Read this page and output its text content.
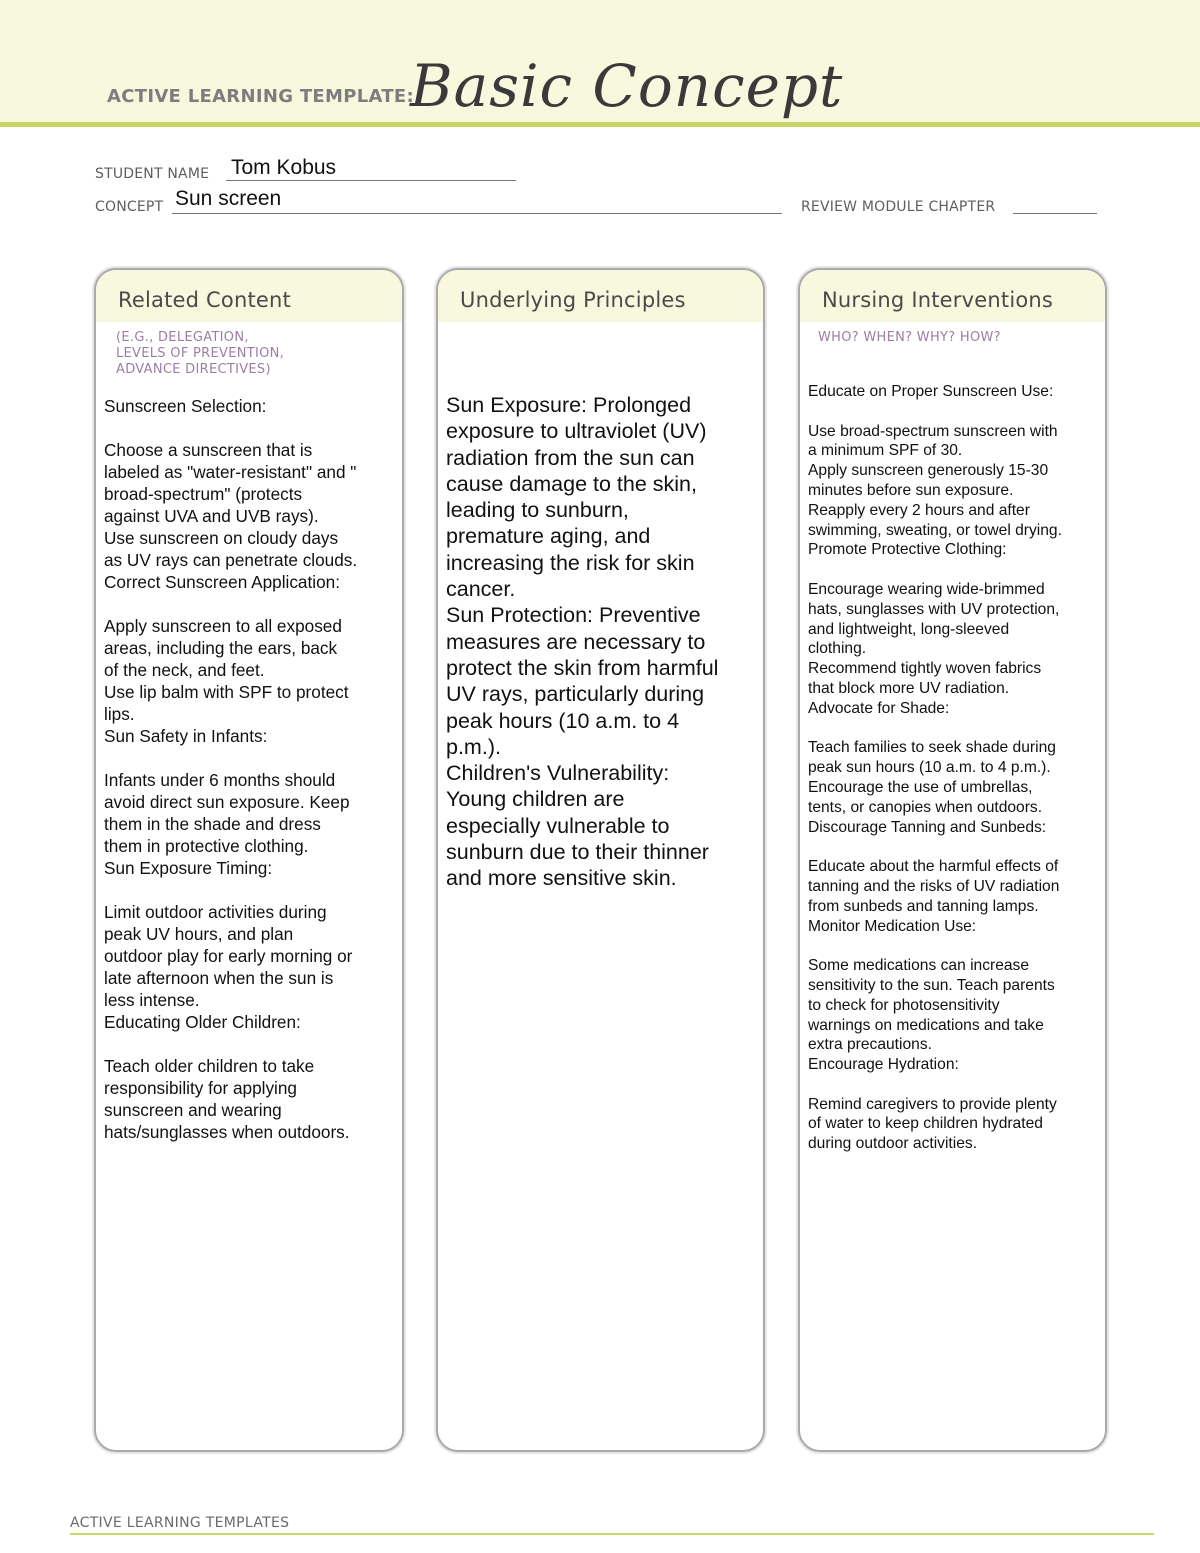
ACTIVE LEARNING TEMPLATE:
Basic Concept
STUDENT NAME Tom Kobus
CONCEPT Sun screen	REVIEW MODULE CHAPTER
Related Content
(E.G., DELEGATION,
LEVELS OF PREVENTION,
ADVANCE DIRECTIVES)

Sunscreen Selection:

Choose a sunscreen that is

labeled as "water-resistant" and "

broad-spectrum" (protects

against UVA and UVB rays).

Use sunscreen on cloudy days

as UV rays can penetrate clouds.

Correct Sunscreen Application:

Apply sunscreen to all exposed

areas, including the ears, back

of the neck, and feet.

Use lip balm with SPF to protect

lips.

Sun Safety in Infants:

Infants under 6 months should

avoid direct sun exposure. Keep

them in the shade and dress

them in protective clothing.

Sun Exposure Timing:

Limit outdoor activities during

peak UV hours, and plan

outdoor play for early morning or

late afternoon when the sun is

less intense.

Educating Older Children:

Teach older children to take

responsibility for applying

sunscreen and wearing

hats/sunglasses when outdoors.

Underlying Principles

Sun Exposure: Prolonged

exposure to ultraviolet (UV)

radiation from the sun can

cause damage to the skin,

leading to sunburn,

premature aging, and

increasing the risk for skin

cancer.

Sun Protection: Preventive

measures are necessary to

protect the skin from harmful

UV rays, particularly during

peak hours (10 a.m. to 4

p.m.).

Children's Vulnerability:

Young children are

especially vulnerable to

sunburn due to their thinner

and more sensitive skin.

Nursing Interventions
WHO? WHEN? WHY? HOW?

Educate on Proper Sunscreen Use:

Use broad-spectrum sunscreen with

a minimum SPF of 30.

Apply sunscreen generously 15-30

minutes before sun exposure.

Reapply every 2 hours and after

swimming, sweating, or towel drying.

Promote Protective Clothing:

Encourage wearing wide-brimmed

hats, sunglasses with UV protection,

and lightweight, long-sleeved

clothing.

Recommend tightly woven fabrics

that block more UV radiation.

Advocate for Shade:

Teach families to seek shade during

peak sun hours (10 a.m. to 4 p.m.).

Encourage the use of umbrellas,

tents, or canopies when outdoors.

Discourage Tanning and Sunbeds:

Educate about the harmful effects of

tanning and the risks of UV radiation

from sunbeds and tanning lamps.

Monitor Medication Use:

Some medications can increase

sensitivity to the sun. Teach parents

to check for photosensitivity

warnings on medications and take

extra precautions.

Encourage Hydration:

Remind caregivers to provide plenty

of water to keep children hydrated

during outdoor activities.

ACTIVE LEARNING TEMPLATES
